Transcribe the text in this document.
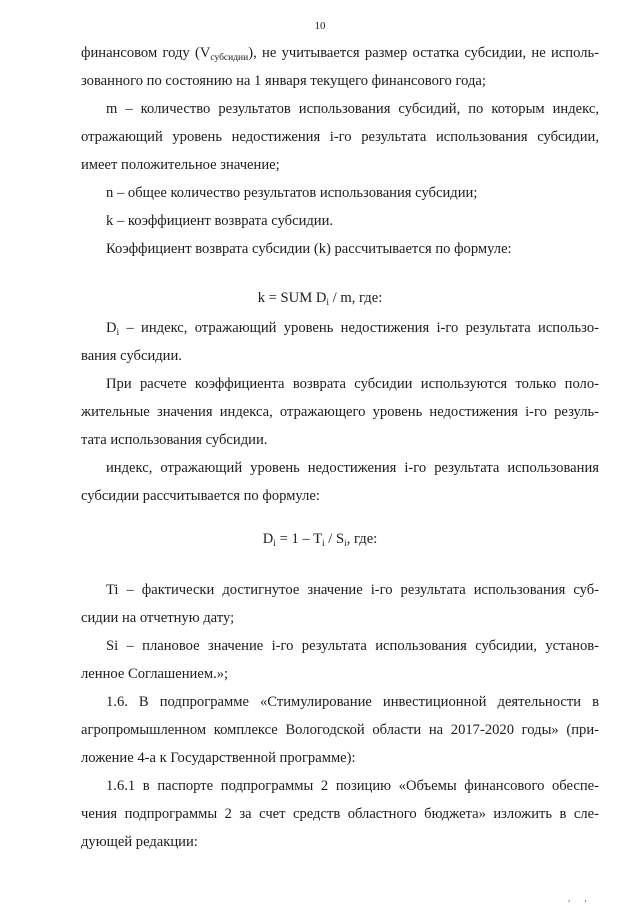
10
финансовом году $(V_{субсидии})$, не учитывается размер остатка субсидии, не исполь-
зованного по состоянию на 1 января текущего финансового года;
m – количество результатов использования субсидий, по которым индекс,
отражающий уровень недостижения i-го результата использования субсидии,
имеет положительное значение;
n – общее количество результатов использования субсидии;
k – коэффициент возврата субсидии.
Коэффициент возврата субсидии (k) рассчитывается по формуле:
k = SUM $D_i$ / m, где:
$D_i$ – индекс, отражающий уровень недостижения i-го результата использо-
вания субсидии.
При расчете коэффициента возврата субсидии используются только поло-
жительные значения индекса, отражающего уровень недостижения i-го резуль-
тата использования субсидии.
индекс, отражающий уровень недостижения i-го результата использования
субсидии рассчитывается по формуле:
$D_i = 1 - T_i / S_i$, где:
Ti – фактически достигнутое значение i-го результата использования суб-
сидии на отчетную дату;
Si – плановое значение i-го результата использования субсидии, установ-
ленное Соглашением.»;
1.6. В подпрограмме «Стимулирование инвестиционной деятельности в
агропромышленном комплексе Вологодской области на 2017-2020 годы» (при-
ложение 4-а к Государственной программе):
1.6.1 в паспорте подпрограммы 2 позицию «Объемы финансового обеспе-
чения подпрограммы 2 за счет средств областного бюджета» изложить в сле-
дующей редакции:
, ,
